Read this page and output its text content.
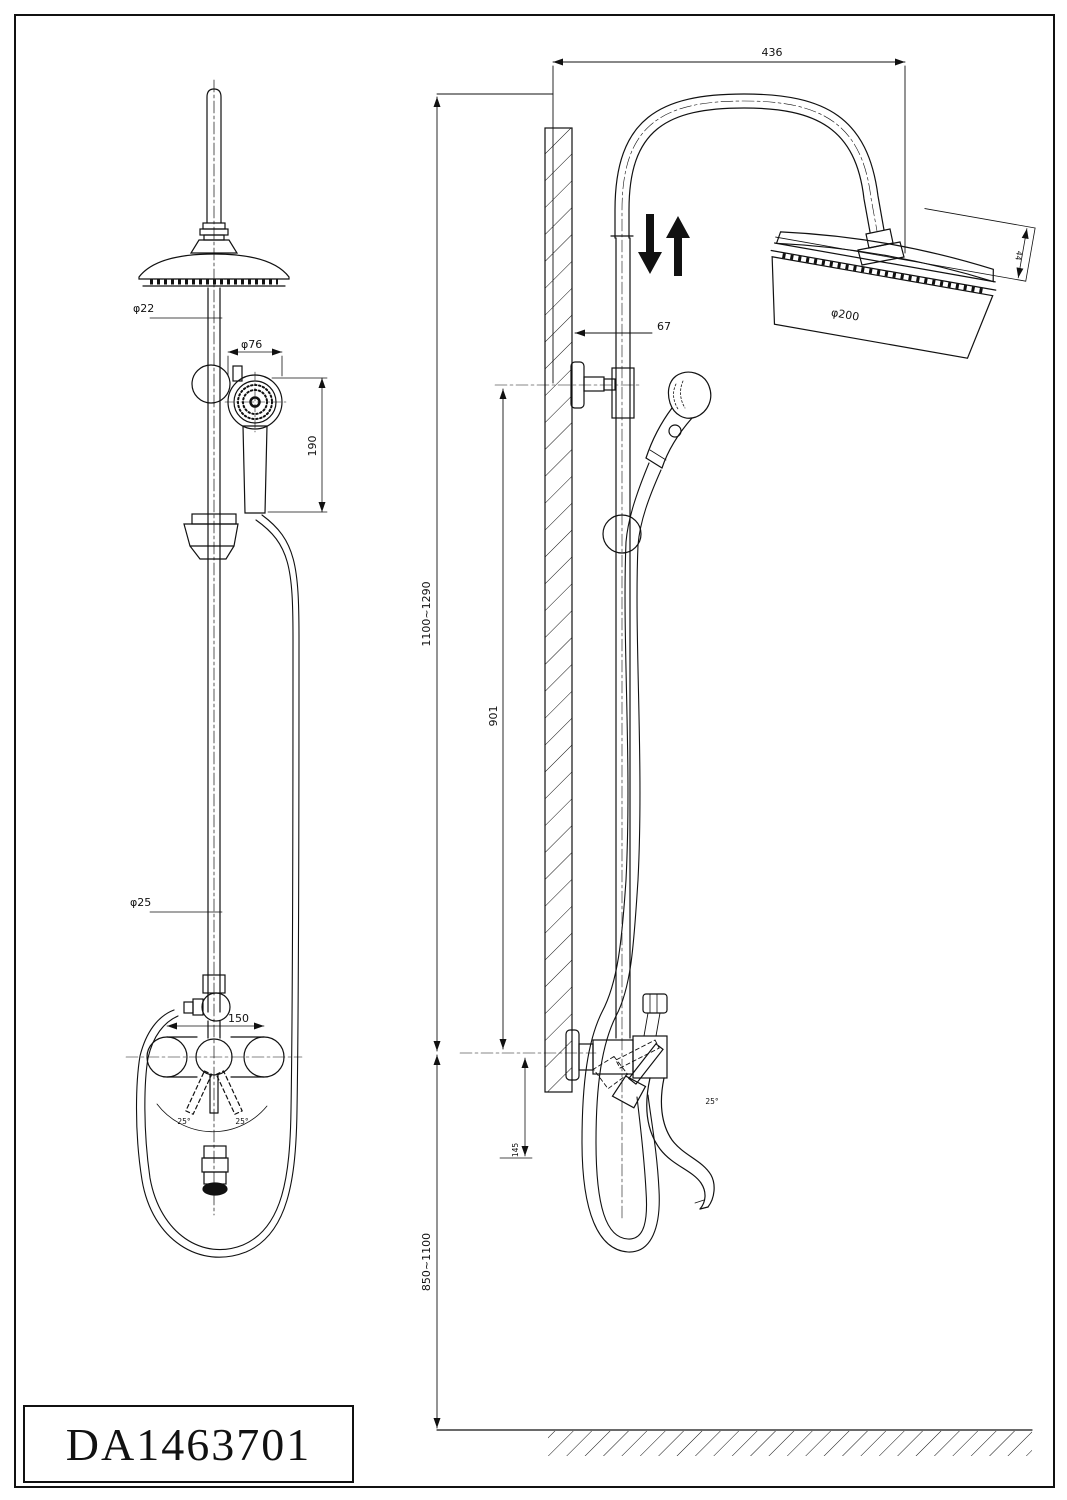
φ22
φ76
190
φ25
150
25°	25°
436
44
φ200
67
1100~1290
901
850~1100
145
25°
DA1463701
